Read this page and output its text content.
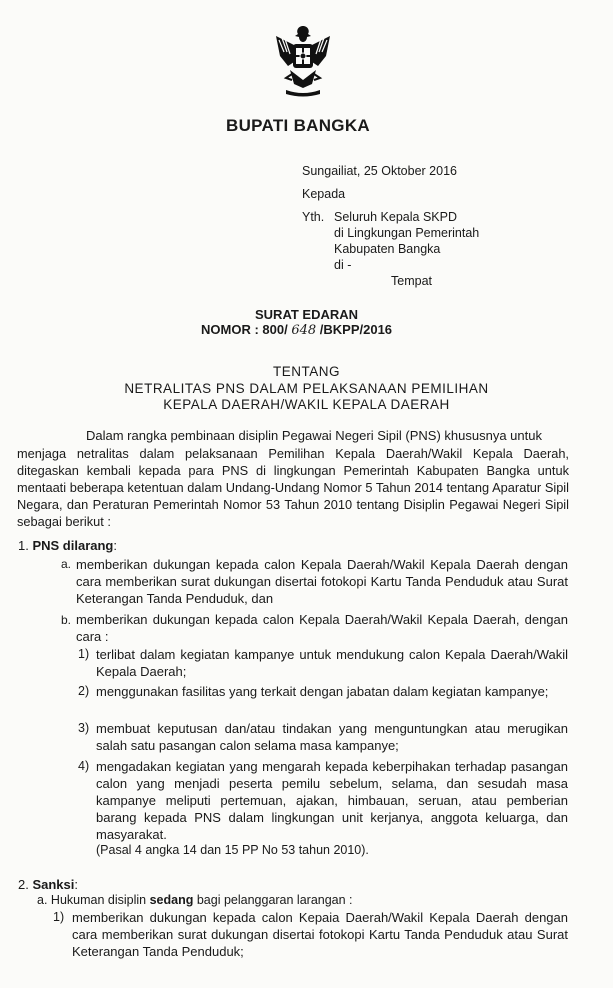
BUPATI BANGKA
Sungailiat, 25 Oktober 2016
Kepada
Yth. Seluruh Kepala SKPD
di Lingkungan Pemerintah
Kabupaten Bangka
di -
Tempat
SURAT EDARAN
NOMOR : 800/ 648 /BKPP/2016
TENTANG
NETRALITAS PNS DALAM PELAKSANAAN PEMILIHAN
KEPALA DAERAH/WAKIL KEPALA DAERAH
Dalam rangka pembinaan disiplin Pegawai Negeri Sipil (PNS) khususnya untuk
menjaga netralitas dalam pelaksanaan Pemilihan Kepala Daerah/Wakil Kepala Daerah, ditegaskan kembali kepada para PNS di lingkungan Pemerintah Kabupaten Bangka untuk mentaati beberapa ketentuan dalam Undang-Undang Nomor 5 Tahun 2014 tentang Aparatur Sipil Negara, dan Peraturan Pemerintah Nomor 53 Tahun 2010 tentang Disiplin Pegawai Negeri Sipil sebagai berikut :
1. PNS dilarang:
a. memberikan dukungan kepada calon Kepala Daerah/Wakil Kepala Daerah dengan cara memberikan surat dukungan disertai fotokopi Kartu Tanda Penduduk atau Surat Keterangan Tanda Penduduk, dan
b. memberikan dukungan kepada calon Kepala Daerah/Wakil Kepala Daerah, dengan cara :
1) terlibat dalam kegiatan kampanye untuk mendukung calon Kepala Daerah/Wakil Kepala Daerah;
2) menggunakan fasilitas yang terkait dengan jabatan dalam kegiatan kampanye;
3) membuat keputusan dan/atau tindakan yang menguntungkan atau merugikan salah satu pasangan calon selama masa kampanye;
4) mengadakan kegiatan yang mengarah kepada keberpihakan terhadap pasangan calon yang menjadi peserta pemilu sebelum, selama, dan sesudah masa kampanye meliputi pertemuan, ajakan, himbauan, seruan, atau pemberian barang kepada PNS dalam lingkungan unit kerjanya, anggota keluarga, dan masyarakat.
(Pasal 4 angka 14 dan 15 PP No 53 tahun 2010).
2. Sanksi:
a. Hukuman disiplin sedang bagi pelanggaran larangan :
1) memberikan dukungan kepada calon Kepaia Daerah/Wakil Kepala Daerah dengan cara memberikan surat dukungan disertai fotokopi Kartu Tanda Penduduk atau Surat Keterangan Tanda Penduduk;
